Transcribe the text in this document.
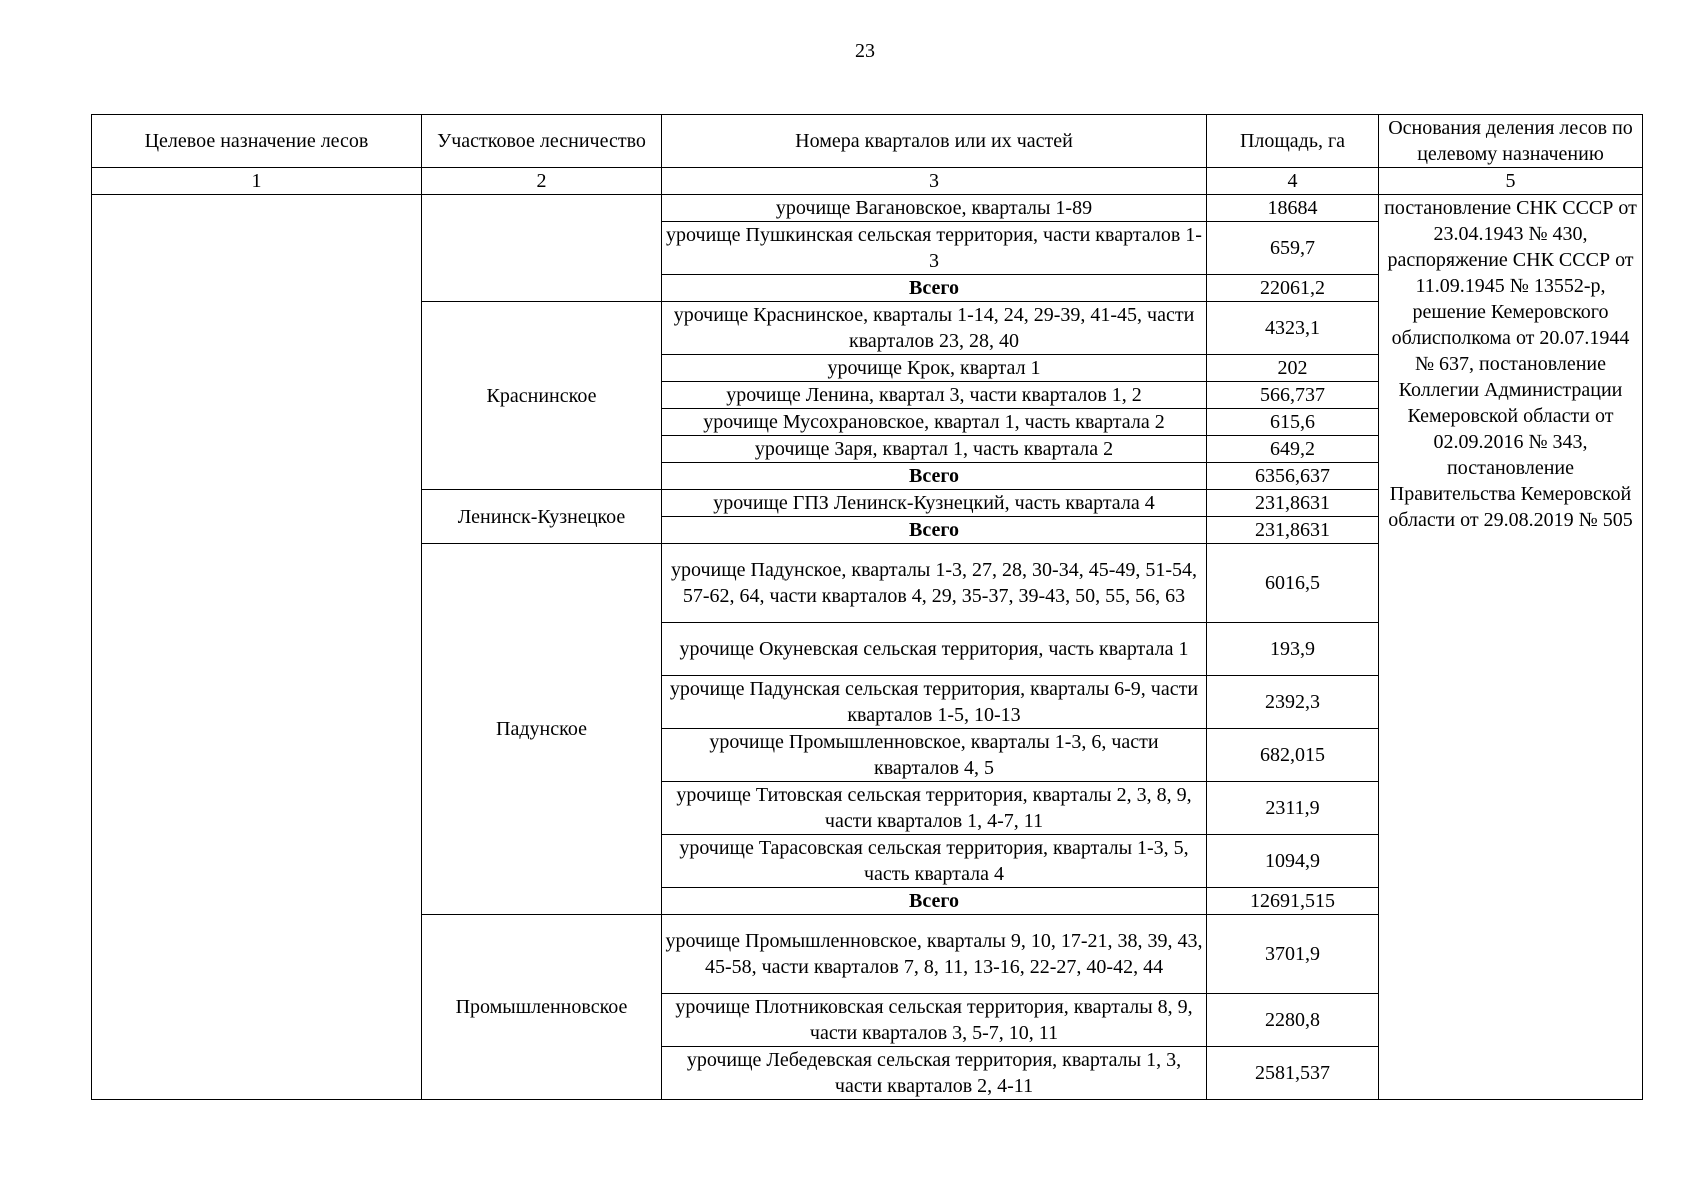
23
Целевое назначение лесов	Участковое лесничество	Номера кварталов или их частей	Площадь, га	Основания деления лесов по целевому назначению
1	2	3	4	5
		урочище Вагановское, кварталы 1-89	18684	постановление СНК СССР от 23.04.1943 № 430, распоряжение СНК СССР от 11.09.1945 № 13552-р, решение Кемеровского облисполкома от 20.07.1944 № 637, постановление Коллегии Администрации Кемеровской области от 02.09.2016 № 343, постановление Правительства Кемеровской области от 29.08.2019 № 505
		урочище Пушкинская сельская территория, части кварталов 1-3	659,7	
		Всего	22061,2	
	Краснинское	урочище Краснинское, кварталы 1-14, 24, 29-39, 41-45, части кварталов 23, 28, 40	4323,1	
		урочище Крок, квартал 1	202	
		урочище Ленина, квартал 3, части кварталов 1, 2	566,737	
		урочище Мусохрановское, квартал 1, часть квартала 2	615,6	
		урочище Заря, квартал 1, часть квартала 2	649,2	
		Всего	6356,637	
	Ленинск-Кузнецкое	урочище ГПЗ Ленинск-Кузнецкий, часть квартала 4	231,8631	
		Всего	231,8631	
	Падунское	урочище Падунское, кварталы 1-3, 27, 28, 30-34, 45-49, 51-54, 57-62, 64, части кварталов 4, 29, 35-37, 39-43, 50, 55, 56, 63	6016,5	
		урочище Окуневская сельская территория, часть квартала 1	193,9	
		урочище Падунская сельская территория, кварталы 6-9, части кварталов 1-5, 10-13	2392,3	
		урочище Промышленновское, кварталы 1-3, 6, части кварталов 4, 5	682,015	
		урочище Титовская сельская территория, кварталы 2, 3, 8, 9, части кварталов 1, 4-7, 11	2311,9	
		урочище Тарасовская сельская территория, кварталы 1-3, 5, часть квартала 4	1094,9	
		Всего	12691,515	
	Промышленновское	урочище Промышленновское, кварталы 9, 10, 17-21, 38, 39, 43, 45-58, части кварталов 7, 8, 11, 13-16, 22-27, 40-42, 44	3701,9	
		урочище Плотниковская сельская территория, кварталы 8, 9, части кварталов 3, 5-7, 10, 11	2280,8	
		урочище Лебедевская сельская территория, кварталы 1, 3, части кварталов 2, 4-11	2581,537	
